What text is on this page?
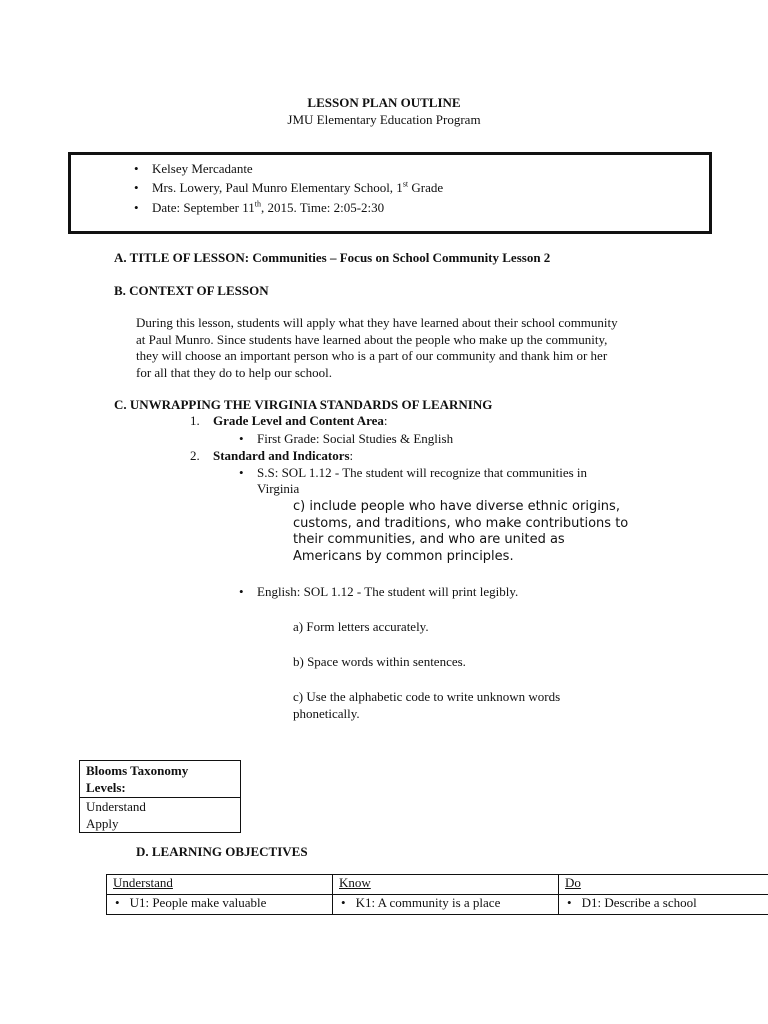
LESSON PLAN OUTLINE
JMU Elementary Education Program
• Kelsey Mercadante
• Mrs. Lowery, Paul Munro Elementary School, 1st Grade
• Date: September 11th, 2015. Time: 2:05-2:30
A. TITLE OF LESSON: Communities – Focus on School Community Lesson 2
B. CONTEXT OF LESSON
During this lesson, students will apply what they have learned about their school community
at Paul Munro. Since students have learned about the people who make up the community,
they will choose an important person who is a part of our community and thank him or her
for all that they do to help our school.
C. UNWRAPPING THE VIRGINIA STANDARDS OF LEARNING
1. Grade Level and Content Area:
• First Grade: Social Studies & English
2. Standard and Indicators:
• S.S: SOL 1.12 - The student will recognize that communities in
Virginia
c) include people who have diverse ethnic origins,
customs, and traditions, who make contributions to
their communities, and who are united as
Americans by common principles.
• English: SOL 1.12 - The student will print legibly.
a) Form letters accurately.
b) Space words within sentences.
c) Use the alphabetic code to write unknown words
phonetically.
Blooms Taxonomy
Levels:
Understand
Apply
D. LEARNING OBJECTIVES
Understand	Know	Do
• U1: People make valuable	• K1: A community is a place	• D1: Describe a school
